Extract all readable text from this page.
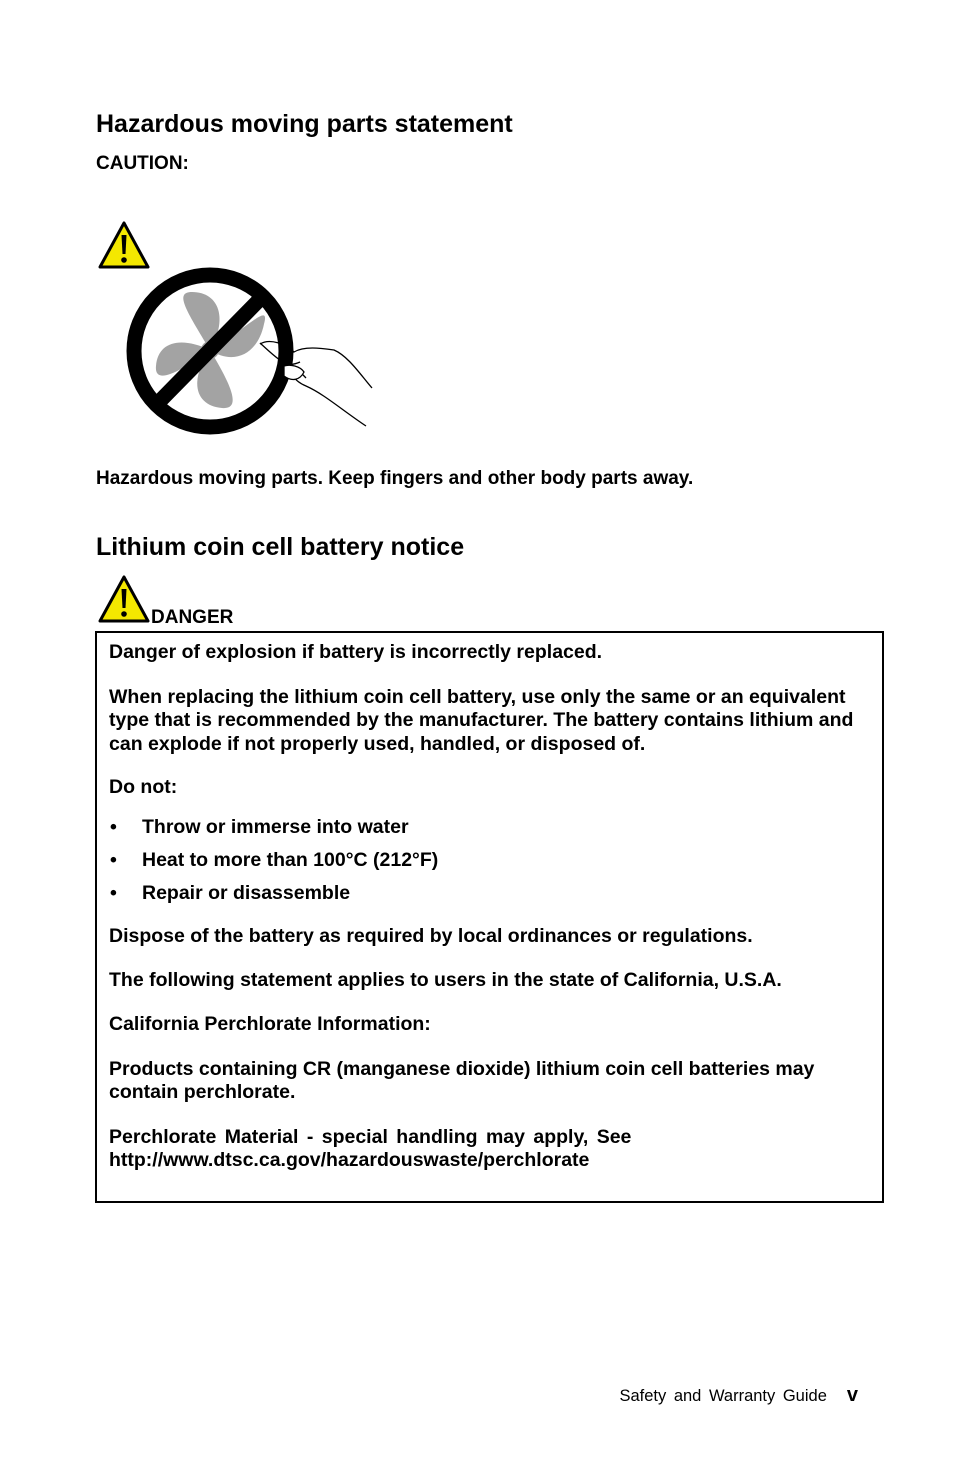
Hazardous moving parts statement
CAUTION:
Hazardous moving parts. Keep fingers and other body parts away.
Lithium coin cell battery notice
DANGER

Danger of explosion if battery is incorrectly replaced.

When replacing the lithium coin cell battery, use only the same or an equivalent type that is recommended by the manufacturer. The battery contains lithium and can explode if not properly used, handled, or disposed of.

Do not:

• Throw or immerse into water
• Heat to more than 100°C (212°F)
• Repair or disassemble

Dispose of the battery as required by local ordinances or regulations.

The following statement applies to users in the state of California, U.S.A.

California Perchlorate Information:

Products containing CR (manganese dioxide) lithium coin cell batteries may contain perchlorate.

Perchlorate Material - special handling may apply, See

http://www.dtsc.ca.gov/hazardouswaste/perchlorate

Safety and Warranty Guide v
